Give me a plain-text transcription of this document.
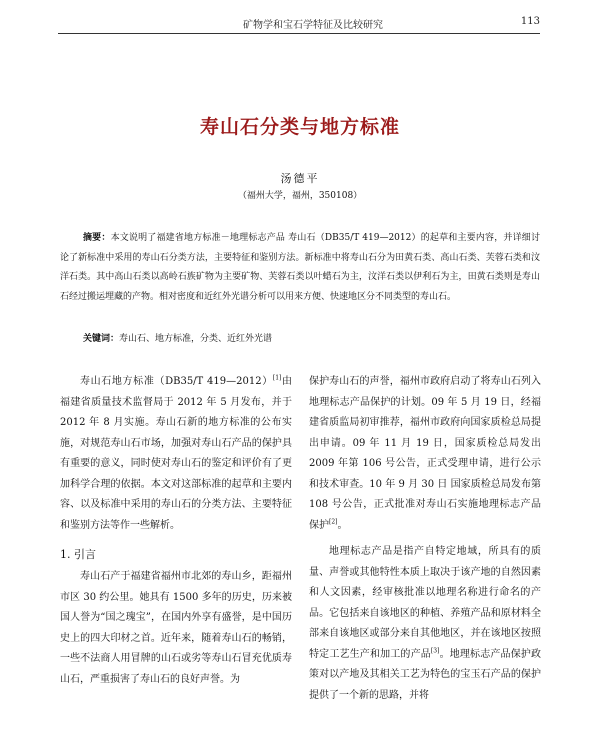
矿物学和宝石学特征及比较研究	113
寿山石分类与地方标准
汤德平
（福州大学，福州，350108）

摘要：本文说明了福建省地方标准－地理标志产品 寿山石（DB35/T 419—2012）的起草和主要内容，并详细讨论了新标准中采用的寿山石分类方法，主要特征和鉴别方法。新标准中将寿山石分为田黄石类、高山石类、芙蓉石类和汶洋石类。其中高山石类以高岭石族矿物为主要矿物、芙蓉石类以叶蜡石为主，汶洋石类以伊利石为主，田黄石类则是寿山石经过搬运埋藏的产物。相对密度和近红外光谱分析可以用来方便、快速地区分不同类型的寿山石。

关键词：寿山石、地方标准，分类、近红外光谱

寿山石地方标准（DB35/T 419—2012）[1]由福建省质量技术监督局于 2012 年 5 月发布，并于 2012 年 8 月实施。寿山石新的地方标准的公布实施，对规范寿山石市场，加强对寿山石产品的保护具有重要的意义，同时使对寿山石的鉴定和评价有了更加科学合理的依据。本文对这部标准的起草和主要内容、以及标准中采用的寿山石的分类方法、主要特征和鉴别方法等作一些解析。

1. 引言

寿山石产于福建省福州市北郊的寿山乡，距福州市区 30 约公里。她具有 1500 多年的历史，历来被国人誉为“国之瑰宝”，在国内外享有盛誉，是中国历史上的四大印材之首。近年来，随着寿山石的畅销，一些不法商人用冒牌的山石或劣等寿山石冒充优质寿山石，严重损害了寿山石的良好声誉。为

保护寿山石的声誉，福州市政府启动了将寿山石列入地理标志产品保护的计划。09 年 5 月 19 日，经福建省质监局初审推荐，福州市政府向国家质检总局提出申请。09 年 11 月 19 日，国家质检总局发出 2009 年第 106 号公告，正式受理申请，进行公示和技术审查。10 年 9 月 30 日 国家质检总局发布第 108 号公告，正式批准对寿山石实施地理标志产品保护[2]。

地理标志产品是指产自特定地域，所具有的质量、声誉或其他特性本质上取决于该产地的自然因素和人文因素，经审核批准以地理名称进行命名的产品。它包括来自该地区的种植、养殖产品和原材料全部来自该地区或部分来自其他地区，并在该地区按照特定工艺生产和加工的产品[3]。地理标志产品保护政策对以产地及其相关工艺为特色的宝玉石产品的保护提供了一个新的思路，并将
